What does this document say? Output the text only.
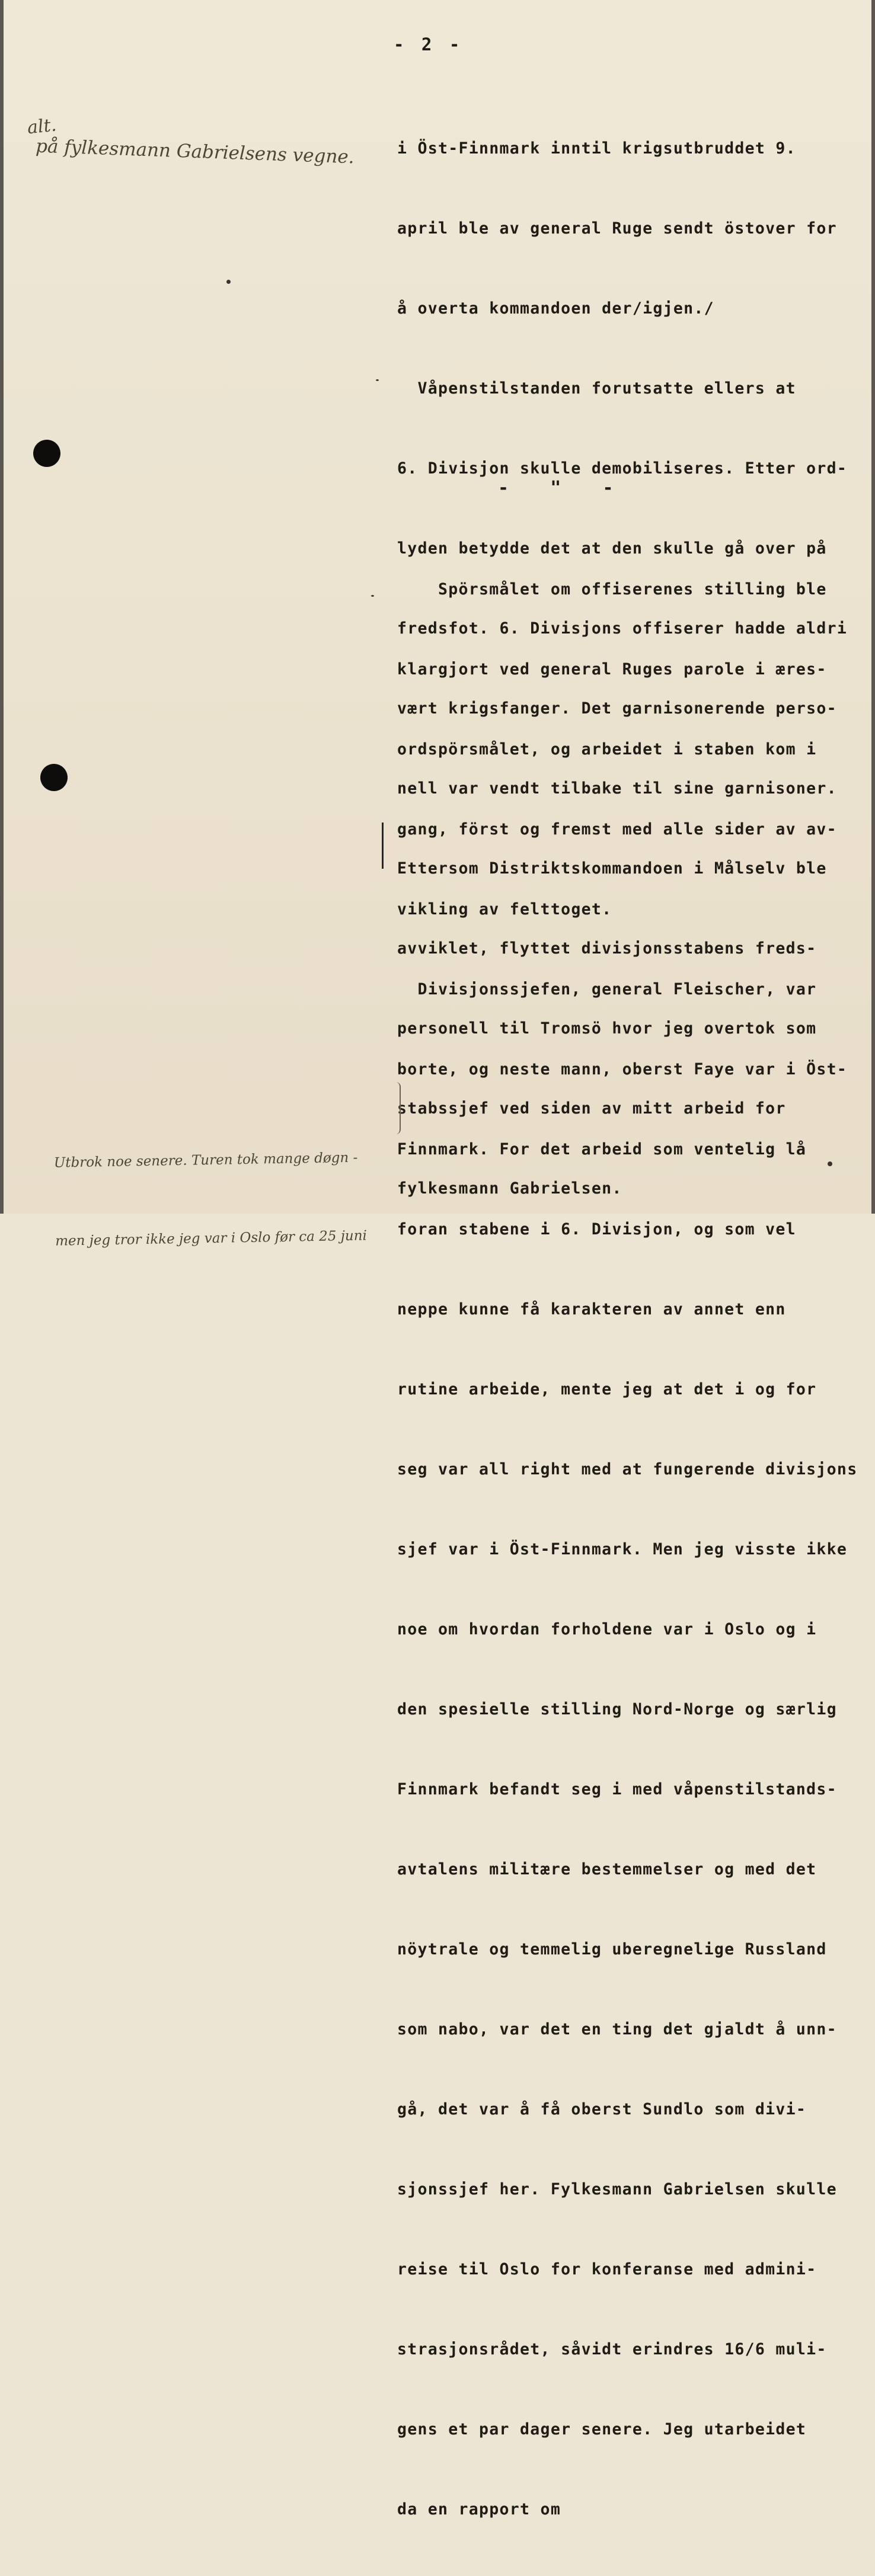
- 2 -
alt.
på fylkesmann Gabrielsens vegne.

	i Öst-Finnmark inntil krigsutbruddet 9.

april ble av general Ruge sendt östover for

å overta kommandoen der/igjen./

Våpenstilstanden forutsatte ellers at

6. Divisjon skulle demobiliseres. Etter ord-

lyden betydde det at den skulle gå over på

fredsfot. 6. Divisjons offiserer hadde aldri

vært krigsfanger. Det garnisonerende perso-

nell var vendt tilbake til sine garnisoner.

Ettersom Distriktskommandoen i Målselv ble

avviklet, flyttet divisjonsstabens freds-

personell til Tromsö hvor jeg overtok som

stabssjef ved siden av mitt arbeid for

fylkesmann Gabrielsen.

-   "   -

Spörsmålet om offiserenes stilling ble

klargjort ved general Ruges parole i æres-

ordspörsmålet, og arbeidet i staben kom i

gang, först og fremst med alle sider av av-

vikling av felttoget.

Divisjonssjefen, general Fleischer, var

borte, og neste mann, oberst Faye var i Öst-

Finnmark. For det arbeid som ventelig lå

foran stabene i 6. Divisjon, og som vel

neppe kunne få karakteren av annet enn

rutine arbeide, mente jeg at det i og for

seg var all right med at fungerende divisjons

sjef var i Öst-Finnmark. Men jeg visste ikke

noe om hvordan forholdene var i Oslo og i

den spesielle stilling Nord-Norge og særlig

Finnmark befandt seg i med våpenstilstands-

avtalens militære bestemmelser og med det

nöytrale og temmelig uberegnelige Russland

som nabo, var det en ting det gjaldt å unn-

gå, det var å få oberst Sundlo som divi-

sjonssjef her. Fylkesmann Gabrielsen skulle

reise til Oslo for konferanse med admini-

strasjonsrådet, såvidt erindres 16/6 muli-

gens et par dager senere. Jeg utarbeidet

da en rapport om

Utbrok noe senere. Turen tok mange døgn -

men jeg tror ikke jeg var i Oslo før ca 25 juni
